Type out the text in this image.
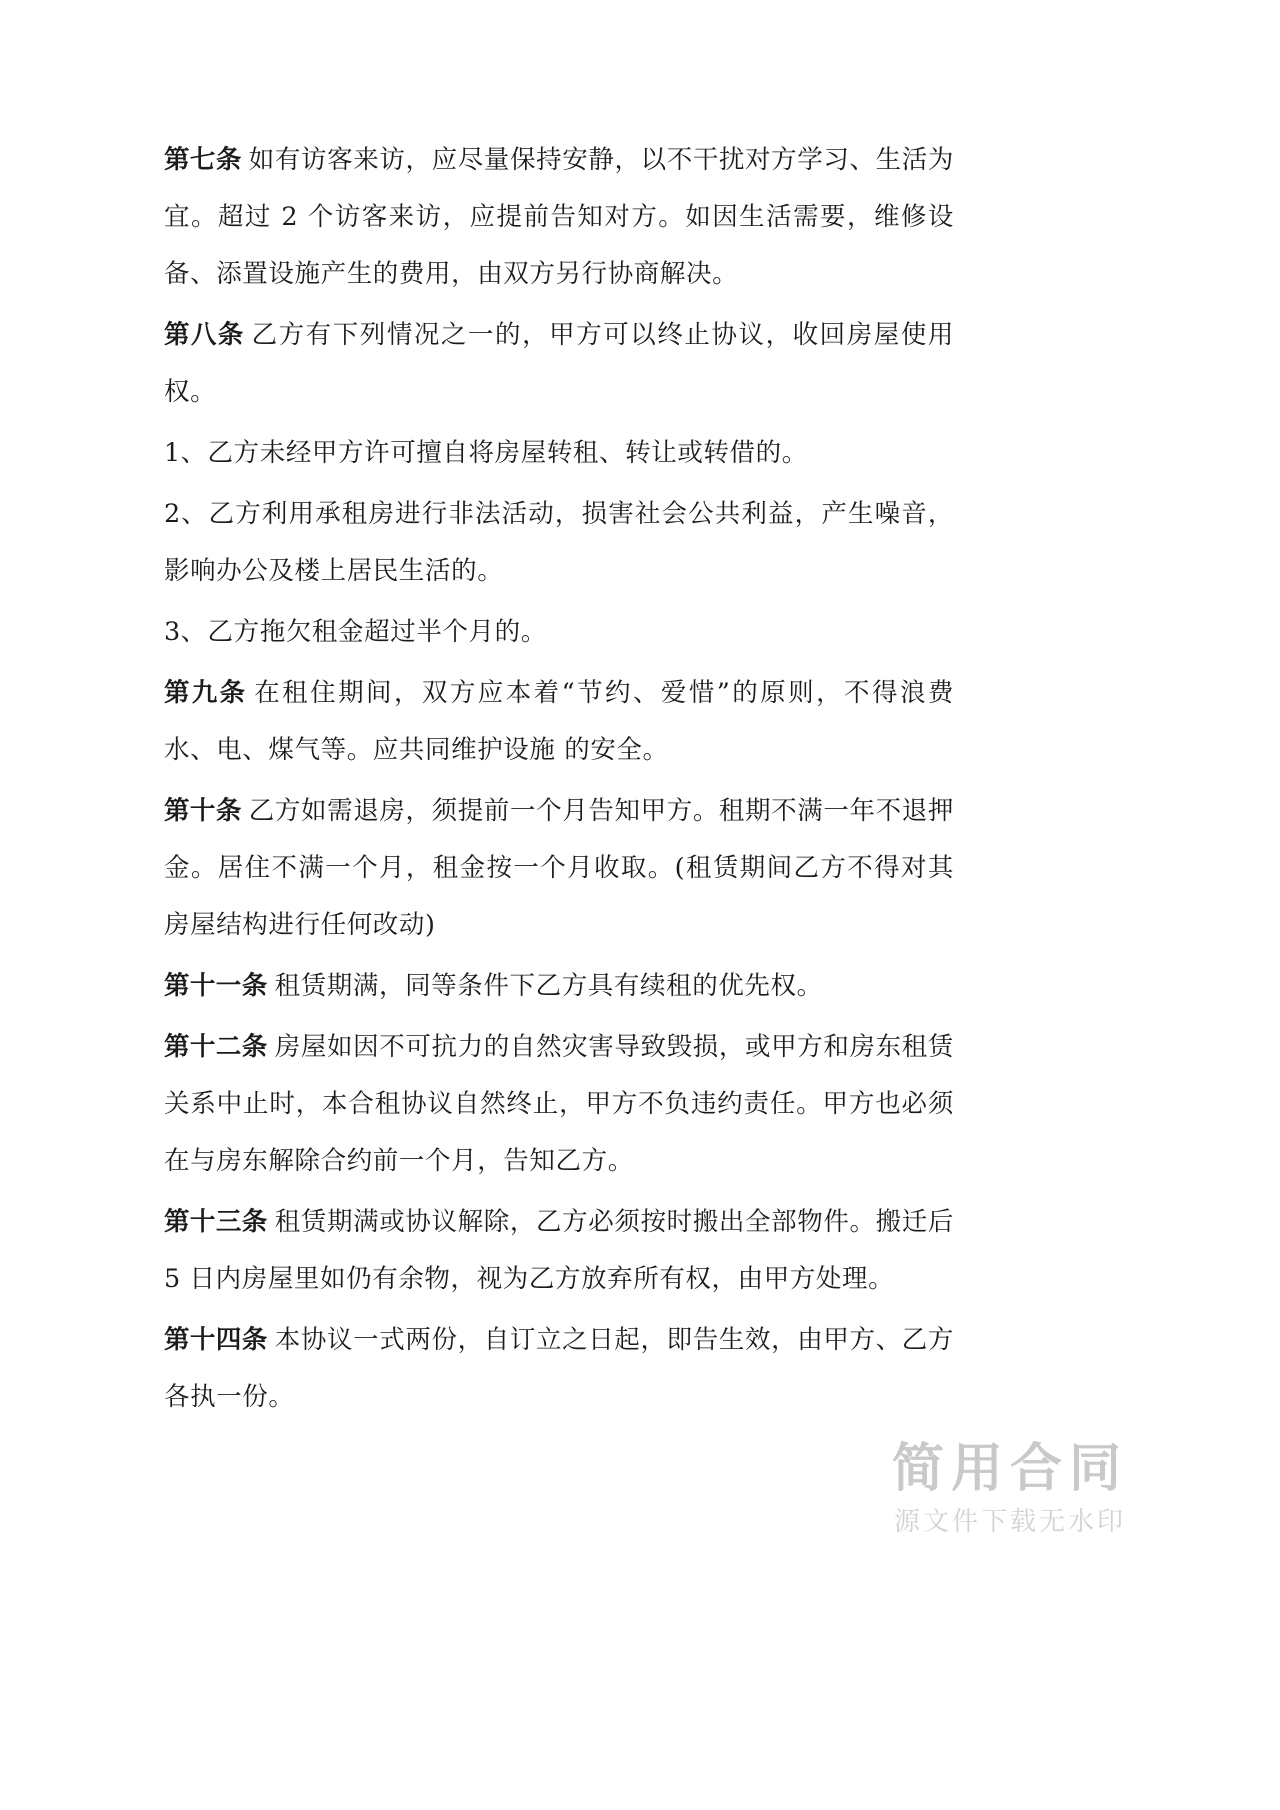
第七条 如有访客来访，应尽量保持安静，以不干扰对方学习、生活为宜。超过 2 个访客来访，应提前告知对方。如因生活需要，维修设备、添置设施产生的费用，由双方另行协商解决。

第八条 乙方有下列情况之一的，甲方可以终止协议，收回房屋使用权。

1、乙方未经甲方许可擅自将房屋转租、转让或转借的。

2、乙方利用承租房进行非法活动，损害社会公共利益，产生噪音，影响办公及楼上居民生活的。

3、乙方拖欠租金超过半个月的。

第九条 在租住期间，双方应本着“节约、爱惜”的原则，不得浪费水、电、煤气等。应共同维护设施 的安全。

第十条 乙方如需退房，须提前一个月告知甲方。租期不满一年不退押金。居住不满一个月，租金按一个月收取。(租赁期间乙方不得对其房屋结构进行任何改动)

第十一条 租赁期满，同等条件下乙方具有续租的优先权。

第十二条 房屋如因不可抗力的自然灾害导致毁损，或甲方和房东租赁关系中止时，本合租协议自然终止，甲方不负违约责任。甲方也必须在与房东解除合约前一个月，告知乙方。

第十三条 租赁期满或协议解除，乙方必须按时搬出全部物件。搬迁后 5 日内房屋里如仍有余物，视为乙方放弃所有权，由甲方处理。

第十四条 本协议一式两份，自订立之日起，即告生效，由甲方、乙方各执一份。

简用合同
源文件下载无水印
